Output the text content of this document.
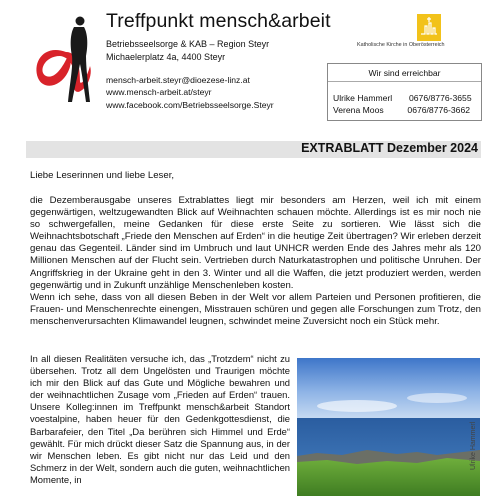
Treffpunkt mensch&arbeit
Betriebsseelsorge & KAB – Region Steyr
Michaelerplatz 4a, 4400 Steyr
mensch-arbeit.steyr@dioezese-linz.at
www.mensch-arbeit.at/steyr
www.facebook.com/Betriebsseelsorge.Steyr
Katholische Kirche in Oberösterreich
Wir sind erreichbar
Ulrike Hammerl 0676/8776-3655
Verena Moos	0676/8776-3662
EXTRABLATT Dezember 2024
Liebe Leserinnen und liebe Leser,

die Dezemberausgabe unseres Extrablattes liegt mir besonders am Herzen, weil ich mit einem gegenwärtigen, weltzugewandten Blick auf Weihnachten schauen möchte. Allerdings ist es mir noch nie so schwergefallen, meine Gedanken für diese erste Seite zu sortieren. Wie lässt sich die Weihnachtsbotschaft „Friede den Menschen auf Erden“ in die heutige Zeit übertragen? Wir erleben derzeit genau das Gegenteil. Länder sind im Umbruch und laut UNHCR werden Ende des Jahres mehr als 120 Millionen Menschen auf der Flucht sein. Vertrieben durch Naturkatastrophen und politische Unruhen. Der Angriffskrieg in der Ukraine geht in den 3. Winter und all die Waffen, die jetzt produziert werden, werden gegenwärtig und in Zukunft unzählige Menschenleben kosten.

Wenn ich sehe, dass von all diesen Beben in der Welt vor allem Parteien und Personen profitieren, die Frauen- und Menschenrechte einengen, Misstrauen schüren und gegen alle Forschungen zum Trotz, den menschenverursachten Klimawandel leugnen, schwindet meine Zuversicht noch ein Stück mehr.

In all diesen Realitäten versuche ich, das „Trotzdem“ nicht zu übersehen. Trotz all dem Ungelösten und Traurigen möchte ich mir den Blick auf das Gute und Mögliche bewahren und der weihnachtlichen Zusage vom „Frieden auf Erden“ trauen. Unsere Kolleg:innen im Treffpunkt mensch&arbeit Standort voestalpine, haben heuer für den Gedenkgottesdienst, die Barbarafeier, den Titel „Da berühren sich Himmel und Erde“ gewählt. Für mich drückt dieser Satz die Spannung aus, in der wir Menschen leben. Es gibt nicht nur das Leid und den Schmerz in der Welt, sondern auch die guten, weihnachtlichen Momente, in
Ulrike Hammerl
